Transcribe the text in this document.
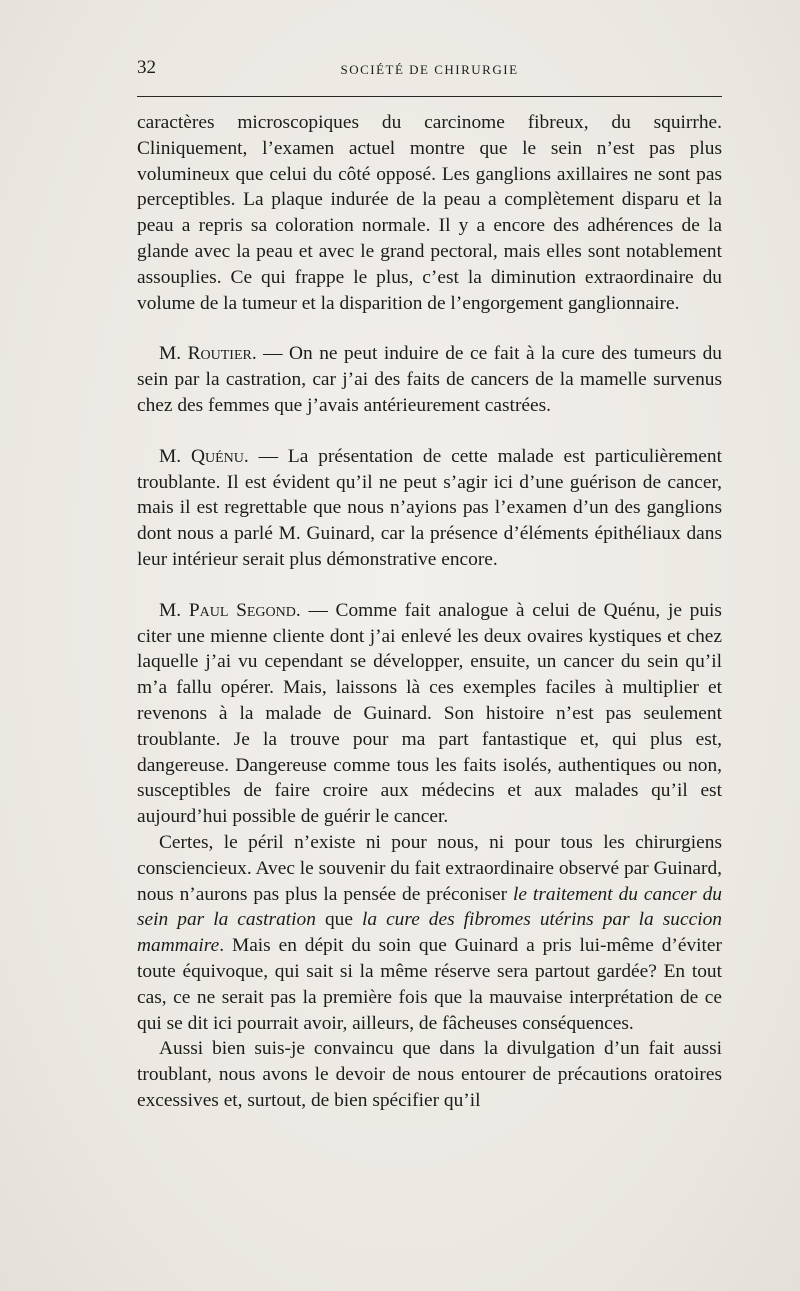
32	SOCIÉTÉ DE CHIRURGIE

caractères microscopiques du carcinome fibreux, du squirrhe. Cliniquement, l’examen actuel montre que le sein n’est pas plus volumineux que celui du côté opposé. Les ganglions axillaires ne sont pas perceptibles. La plaque indurée de la peau a complètement disparu et la peau a repris sa coloration normale. Il y a encore des adhérences de la glande avec la peau et avec le grand pectoral, mais elles sont notablement assouplies. Ce qui frappe le plus, c’est la diminution extraordinaire du volume de la tumeur et la disparition de l’engorgement ganglionnaire.

M. Routier. — On ne peut induire de ce fait à la cure des tumeurs du sein par la castration, car j’ai des faits de cancers de la mamelle survenus chez des femmes que j’avais antérieurement castrées.

M. Quénu. — La présentation de cette malade est particulièrement troublante. Il est évident qu’il ne peut s’agir ici d’une guérison de cancer, mais il est regrettable que nous n’ayions pas l’examen d’un des ganglions dont nous a parlé M. Guinard, car la présence d’éléments épithéliaux dans leur intérieur serait plus démonstrative encore.

M. Paul Segond. — Comme fait analogue à celui de Quénu, je puis citer une mienne cliente dont j’ai enlevé les deux ovaires kystiques et chez laquelle j’ai vu cependant se développer, ensuite, un cancer du sein qu’il m’a fallu opérer. Mais, laissons là ces exemples faciles à multiplier et revenons à la malade de Guinard. Son histoire n’est pas seulement troublante. Je la trouve pour ma part fantastique et, qui plus est, dangereuse. Dangereuse comme tous les faits isolés, authentiques ou non, susceptibles de faire croire aux médecins et aux malades qu’il est aujourd’hui possible de guérir le cancer.

Certes, le péril n’existe ni pour nous, ni pour tous les chirurgiens consciencieux. Avec le souvenir du fait extraordinaire observé par Guinard, nous n’aurons pas plus la pensée de préconiser le traitement du cancer du sein par la castration que la cure des fibromes utérins par la succion mammaire. Mais en dépit du soin que Guinard a pris lui-même d’éviter toute équivoque, qui sait si la même réserve sera partout gardée? En tout cas, ce ne serait pas la première fois que la mauvaise interprétation de ce qui se dit ici pourrait avoir, ailleurs, de fâcheuses conséquences.

Aussi bien suis-je convaincu que dans la divulgation d’un fait aussi troublant, nous avons le devoir de nous entourer de précautions oratoires excessives et, surtout, de bien spécifier qu’il
